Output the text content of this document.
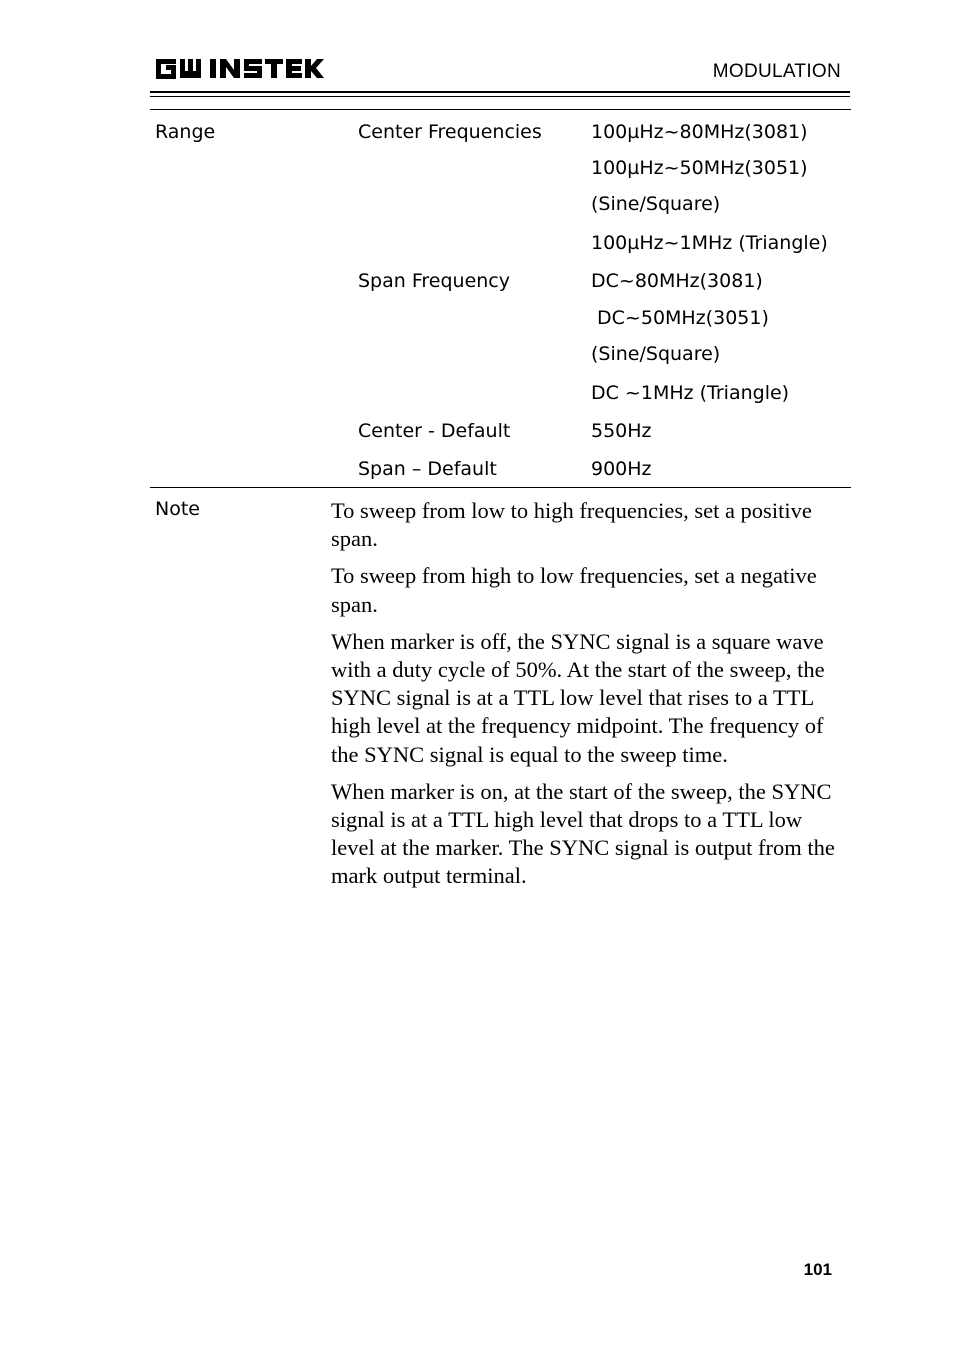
MODULATION
Range	Center Frequencies	100µHz~80MHz(3081)
100µHz~50MHz(3051)
(Sine/Square)
100µHz~1MHz (Triangle)
Span Frequency	DC~80MHz(3081)
DC~50MHz(3051)
(Sine/Square)
DC ~1MHz (Triangle)
Center - Default	550Hz
Span – Default	900Hz
Note	To sweep from low to high frequencies, set a positive span.

To sweep from high to low frequencies, set a negative span.

When marker is off, the SYNC signal is a square wave with a duty cycle of 50%. At the start of the sweep, the SYNC signal is at a TTL low level that rises to a TTL high level at the frequency midpoint. The frequency of the SYNC signal is equal to the sweep time.

When marker is on, at the start of the sweep, the SYNC signal is at a TTL high level that drops to a TTL low level at the marker. The SYNC signal is output from the mark output terminal.

101
